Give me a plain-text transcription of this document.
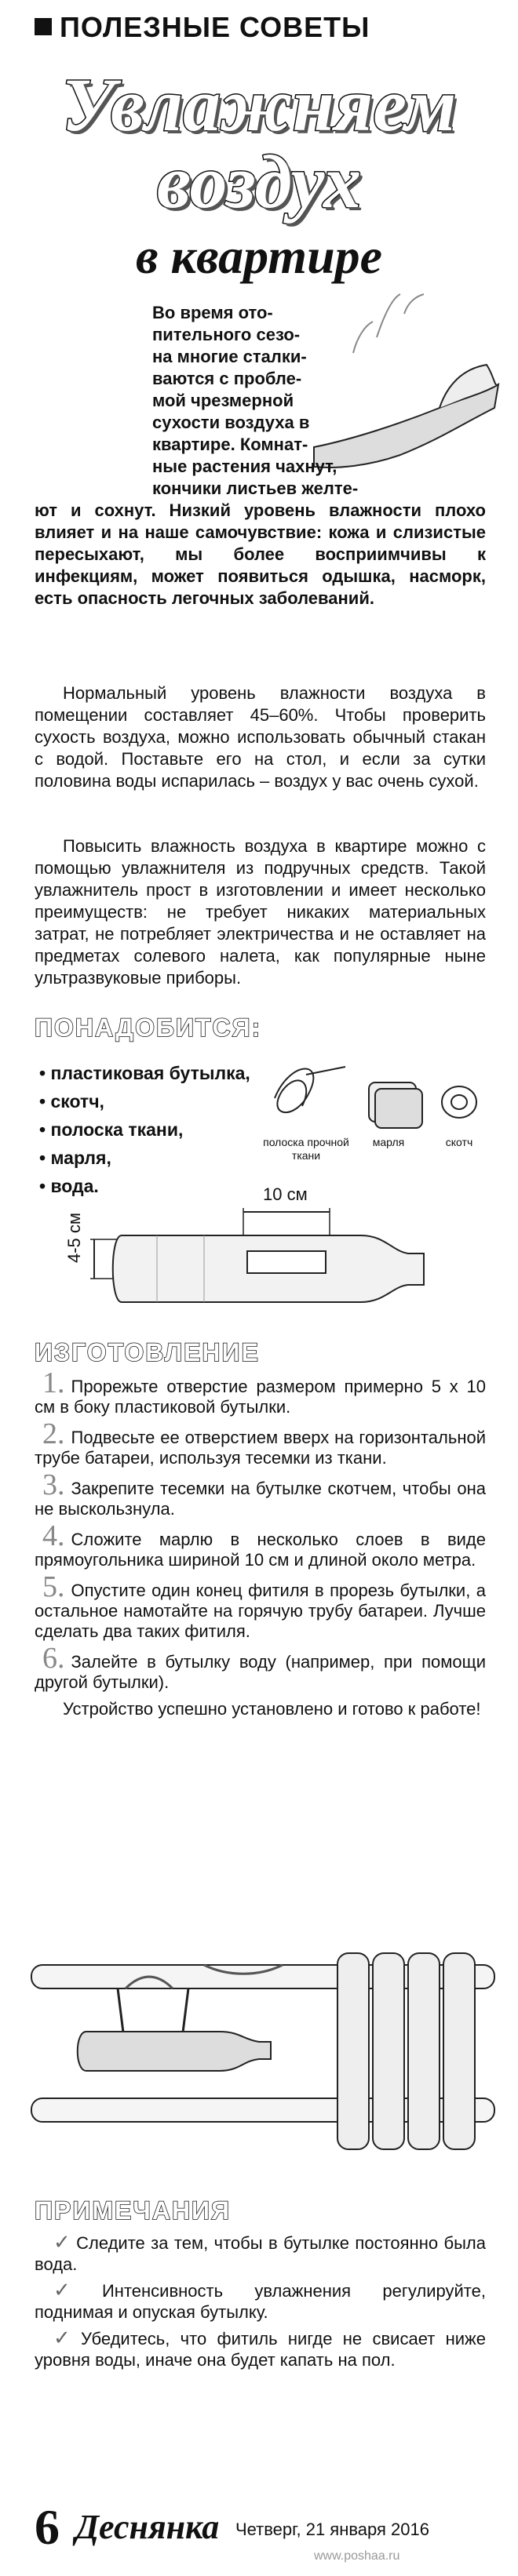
ПОЛЕЗНЫЕ СОВЕТЫ
Увлажняем
воздух
в квартире
Во время ото-
пительного сезо-
на многие сталки-
ваются с пробле-
мой чрезмерной
сухости воздуха в
квартире. Комнат-
ные растения чахнут,
кончики листьев желте-
ют и сохнут. Низкий уровень влажности плохо влияет и на наше самочувствие: кожа и слизистые пересыхают, мы более восприимчивы к инфекциям, может появиться одышка, насморк, есть опасность легочных заболеваний.
Нормальный уровень влажности воздуха в помещении составляет 45–60%. Чтобы проверить сухость воздуха, можно использовать обычный стакан с водой. Поставьте его на стол, и если за сутки половина воды испарилась – воздух у вас очень сухой.
Повысить влажность воздуха в квартире можно с помощью увлажнителя из подручных средств. Такой увлажнитель прост в изготовлении и имеет несколько преимуществ: не требует никаких материальных затрат, не потребляет электричества и не оставляет на предметах солевого налета, как популярные ныне ультразвуковые приборы.
ПОНАДОБИТСЯ:
• пластиковая бутылка,
• скотч,
• полоска ткани,
• марля,
• вода.
полоска прочной ткани
марля	скотч
10 см
4-5 см
ИЗГОТОВЛЕНИЕ
1. Прорежьте отверстие размером примерно 5 х 10 см в боку пластиковой бутылки.
2. Подвесьте ее отверстием вверх на горизонтальной трубе батареи, используя тесемки из ткани.
3. Закрепите тесемки на бутылке скотчем, чтобы она не выскользнула.
4. Сложите марлю в несколько слоев в виде прямоугольника шириной 10 см и длиной около метра.
5. Опустите один конец фитиля в прорезь бутылки, а остальное намотайте на горячую трубу батареи. Лучше сделать два таких фитиля.
6. Залейте в бутылку воду (например, при помощи другой бутылки).
Устройство успешно установлено и готово к работе!
ПРИМЕЧАНИЯ
✓ Следите за тем, чтобы в бутылке постоянно была вода.
✓ Интенсивность увлажнения регулируйте, поднимая и опуская бутылку.
✓ Убедитесь, что фитиль нигде не свисает ниже уровня воды, иначе она будет капать на пол.
6 Деснянка Четверг, 21 января 2016
www.poshaa.ru
